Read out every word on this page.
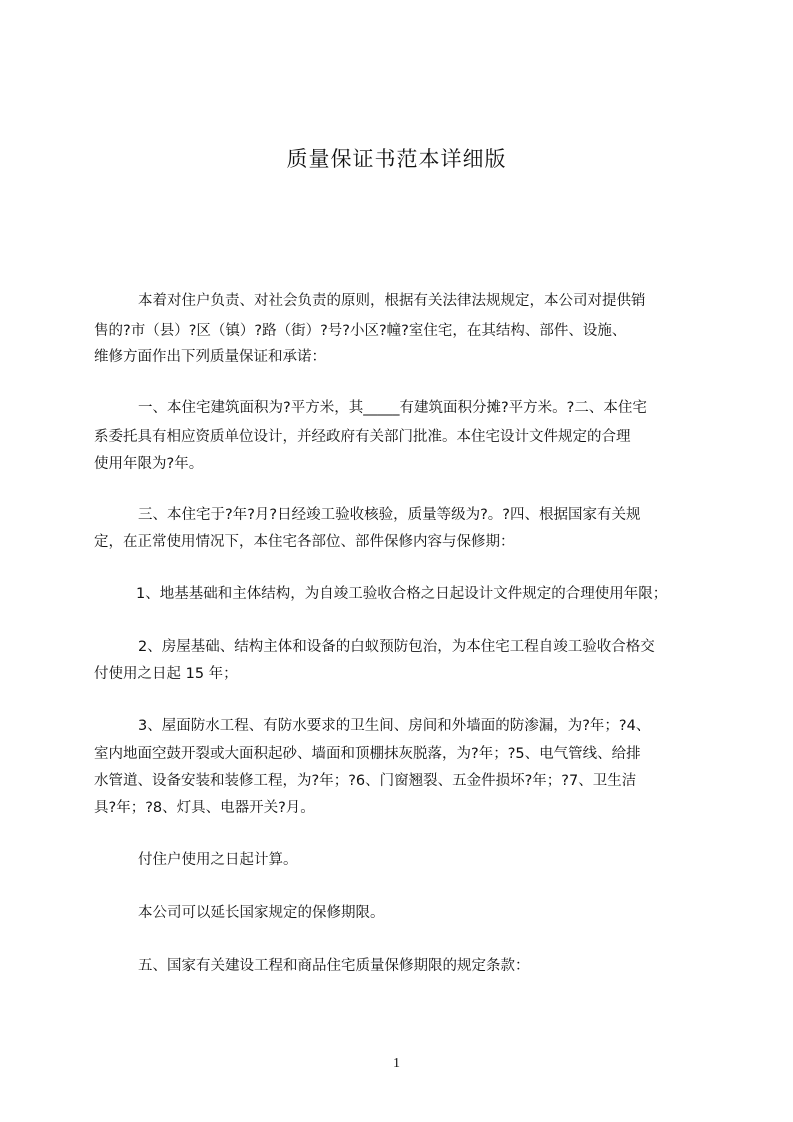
质量保证书范本详细版
本着对住户负责、对社会负责的原则，根据有关法律法规规定，本公司对提供销
售的?市（县）?区（镇）?路（街）?号?小区?幢?室住宅，在其结构、部件、设施、
维修方面作出下列质量保证和承诺：
一、本住宅建筑面积为?平方米，其_____有建筑面积分摊?平方米。?二、本住宅
系委托具有相应资质单位设计，并经政府有关部门批准。本住宅设计文件规定的合理
使用年限为?年。
三、本住宅于?年?月?日经竣工验收核验，质量等级为?。?四、根据国家有关规
定，在正常使用情况下，本住宅各部位、部件保修内容与保修期：
1、地基基础和主体结构，为自竣工验收合格之日起设计文件规定的合理使用年限；
2、房屋基础、结构主体和设备的白蚁预防包治，为本住宅工程自竣工验收合格交
付使用之日起 15 年；
3、屋面防水工程、有防水要求的卫生间、房间和外墙面的防渗漏，为?年；?4、
室内地面空鼓开裂或大面积起砂、墙面和顶棚抹灰脱落，为?年；?5、电气管线、给排
水管道、设备安装和装修工程，为?年；?6、门窗翘裂、五金件损坏?年；?7、卫生洁
具?年；?8、灯具、电器开关?月。
付住户使用之日起计算。
本公司可以延长国家规定的保修期限。
五、国家有关建设工程和商品住宅质量保修期限的规定条款：
1
